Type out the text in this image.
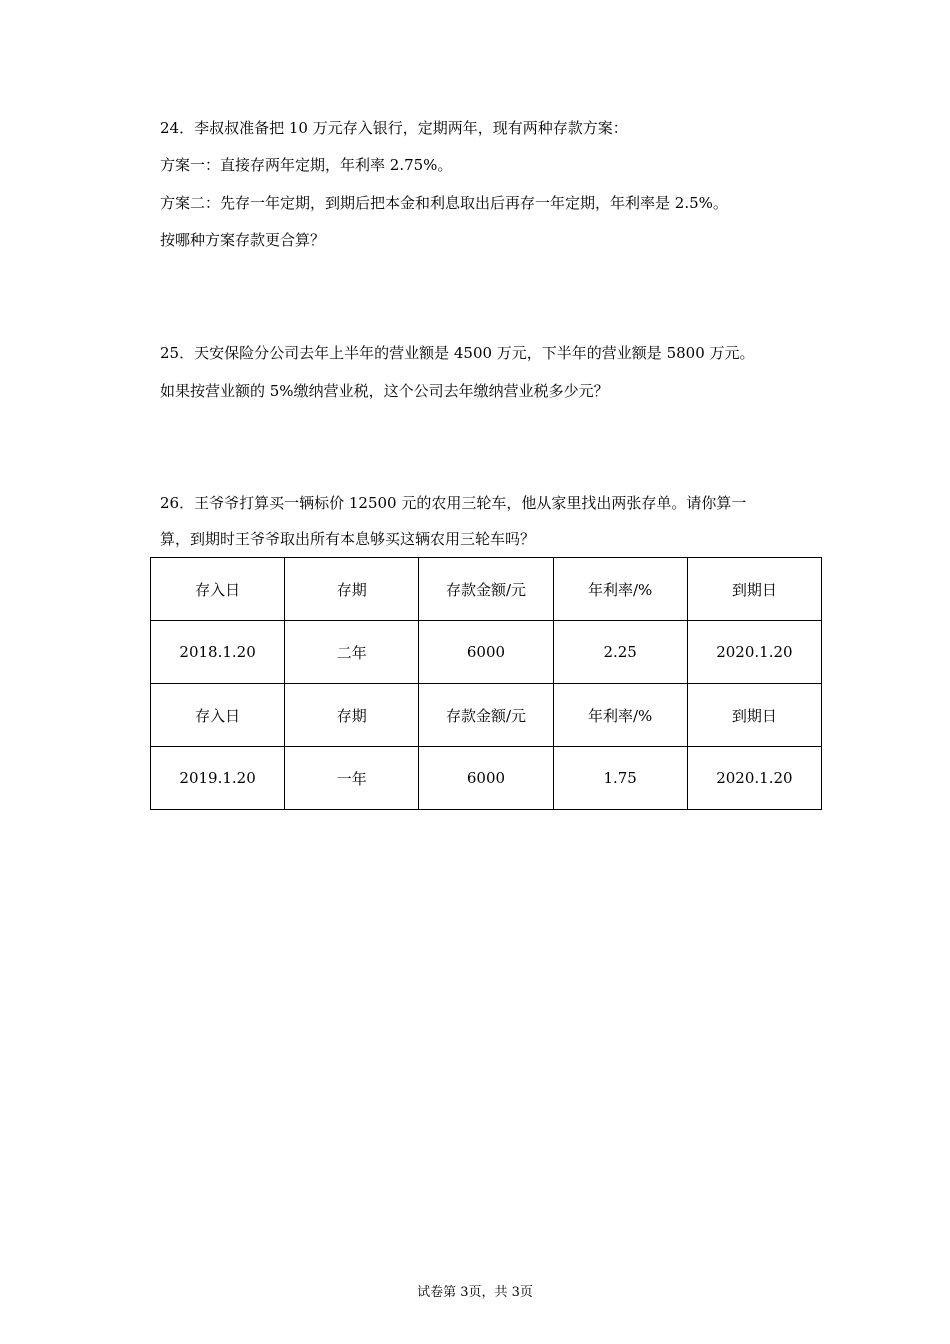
24．李叔叔准备把 10 万元存入银行，定期两年，现有两种存款方案：
方案一：直接存两年定期，年利率 2.75%。
方案二：先存一年定期，到期后把本金和利息取出后再存一年定期，年利率是 2.5%。
按哪种方案存款更合算？
25．天安保险分公司去年上半年的营业额是 4500 万元，下半年的营业额是 5800 万元。
如果按营业额的 5%缴纳营业税，这个公司去年缴纳营业税多少元？
26．王爷爷打算买一辆标价 12500 元的农用三轮车，他从家里找出两张存单。请你算一
算，到期时王爷爷取出所有本息够买这辆农用三轮车吗？
存入日	存期	存款金额/元	年利率/%	到期日
2018.1.20	二年	6000	2.25	2020.1.20
存入日	存期	存款金额/元	年利率/%	到期日
2019.1.20	一年	6000	1.75	2020.1.20
试卷第 3页，共 3页
